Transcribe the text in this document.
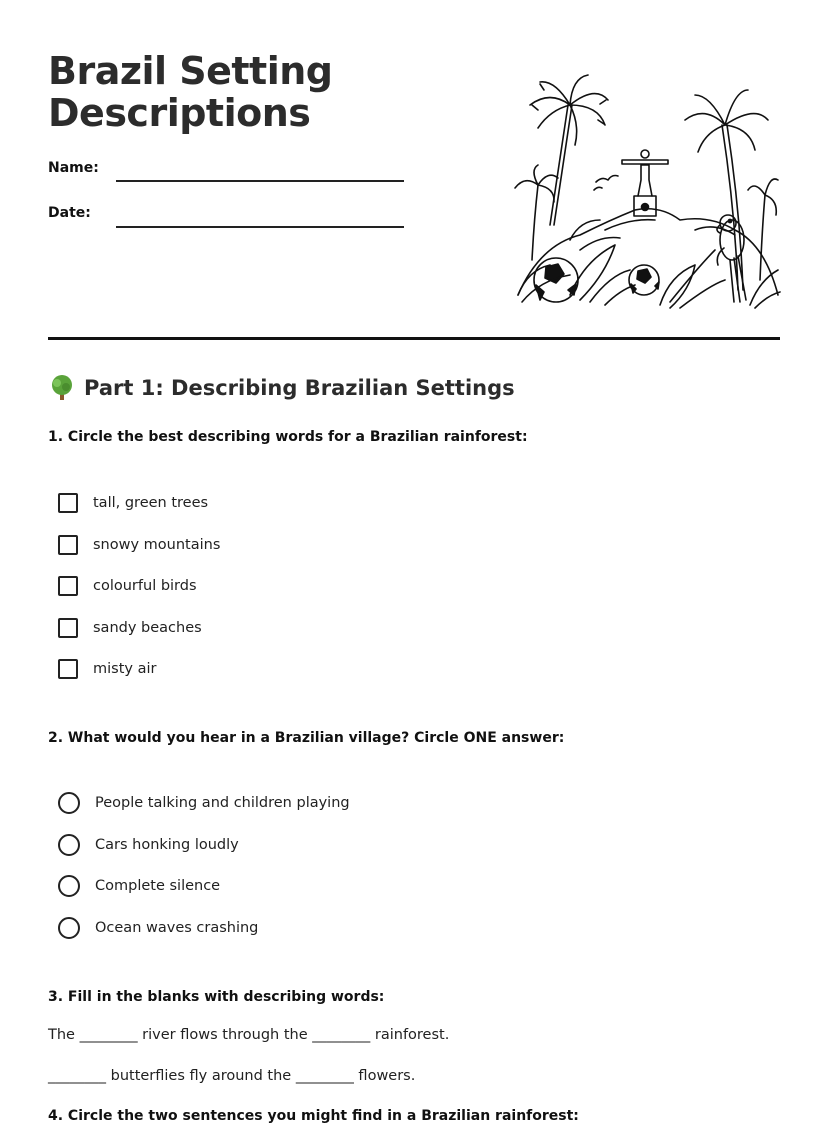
Brazil Setting
Descriptions
Name:
Date:
Part 1: Describing Brazilian Settings
1. Circle the best describing words for a Brazilian rainforest:
tall, green trees
snowy mountains
colourful birds
sandy beaches
misty air
2. What would you hear in a Brazilian village? Circle ONE answer:
People talking and children playing
Cars honking loudly
Complete silence
Ocean waves crashing
3. Fill in the blanks with describing words:
The ________ river flows through the ________ rainforest.
________ butterflies fly around the ________ flowers.
4. Circle the two sentences you might find in a Brazilian rainforest:
